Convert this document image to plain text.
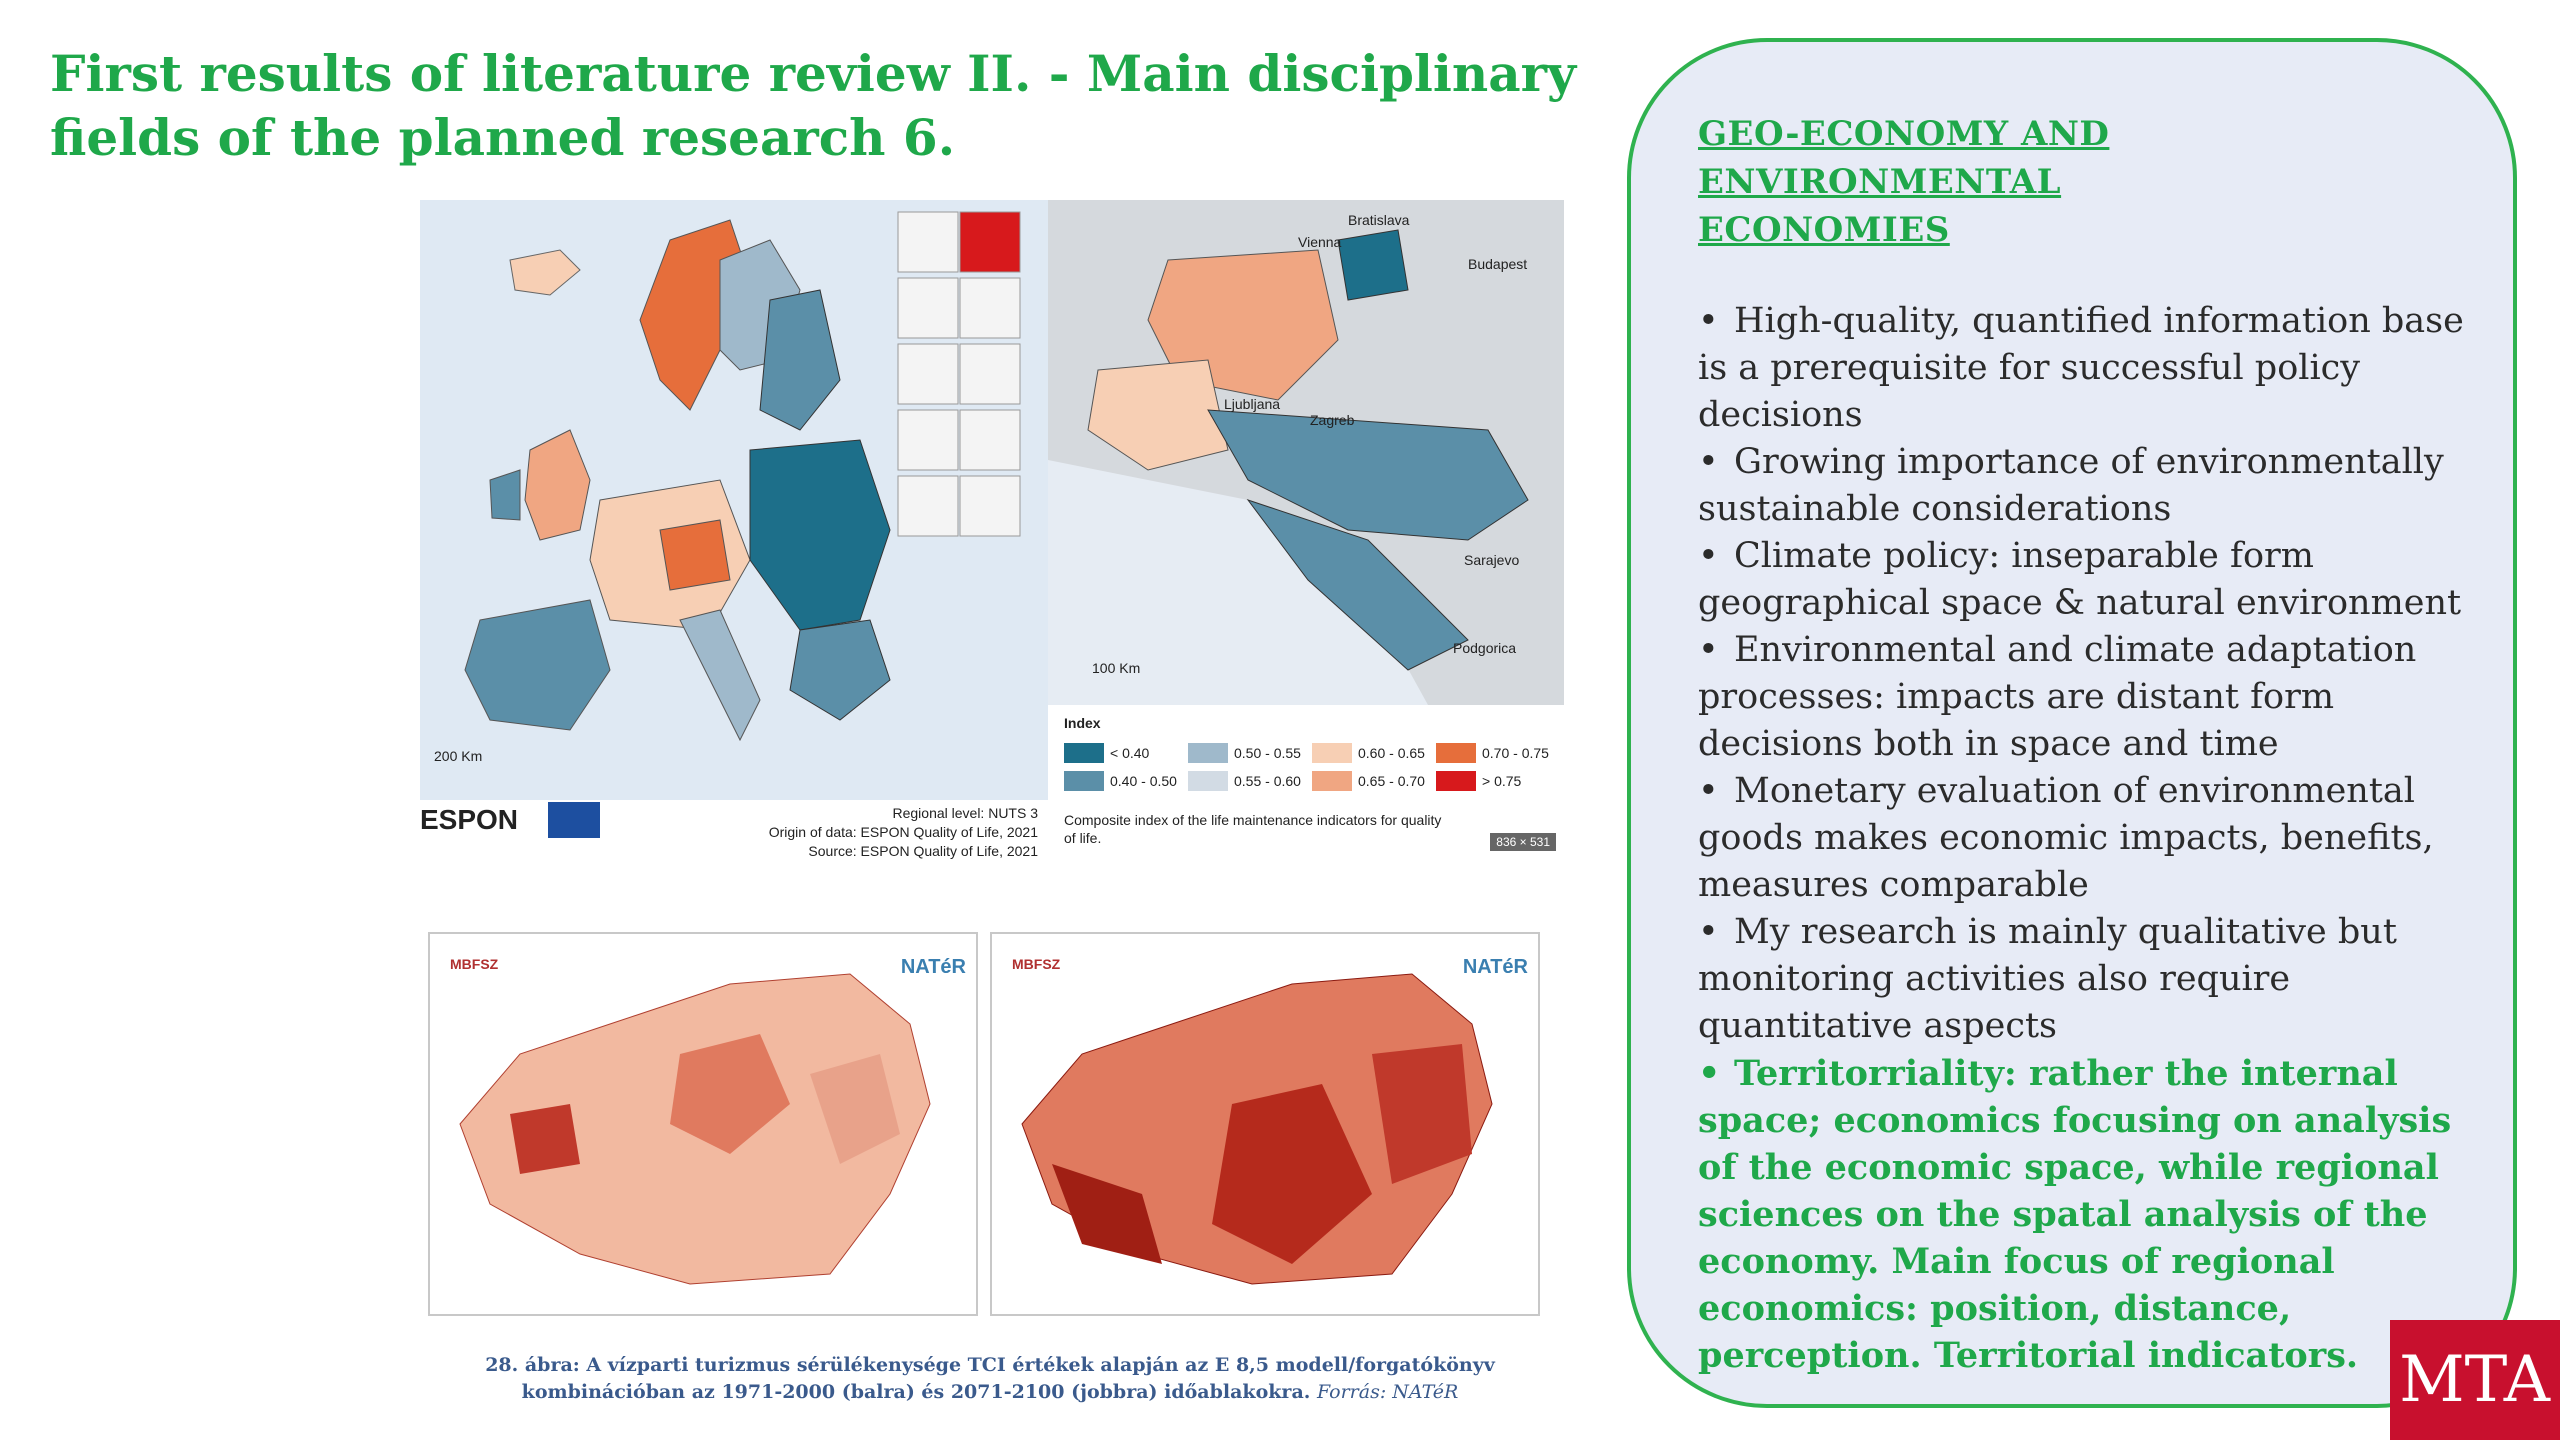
First results of literature review II. - Main disciplinary
fields of the planned research 6.
200 Km
ESPON	Regional level: NUTS 3
Origin of data: ESPON Quality of Life, 2021
Source: ESPON Quality of Life, 2021
Bratislava
Vienna
Budapest
Ljubljana
Zagreb
Sarajevo
Podgorica
100 Km
Index
< 0.40
0.40 - 0.50
0.50 - 0.55
0.55 - 0.60
0.60 - 0.65
0.65 - 0.70
0.70 - 0.75
> 0.75
Composite index of the life maintenance indicators for quality of life.	836 × 531
MBFSZ	NATéR	MBFSZ	NATéR
28. ábra: A vízparti turizmus sérülékenysége TCI értékek alapján az E 8,5 modell/forgatókönyv kombinációban az 1971-2000 (balra) és 2071-2100 (jobbra) időablakokra. Forrás: NATéR
GEO-ECONOMY AND ENVIRONMENTAL
ECONOMIES
• High-quality, quantified information base is a prerequisite for successful policy decisions
• Growing importance of environmentally sustainable considerations
• Climate policy: inseparable form geographical space & natural environment
• Environmental and climate adaptation processes: impacts are distant form decisions both in space and time
• Monetary evaluation of environmental goods makes economic impacts, benefits, measures comparable
• My research is mainly qualitative but monitoring activities also require quantitative aspects
• Territorriality: rather the internal space; economics focusing on analysis of the economic space, while regional sciences on the spatal analysis of the economy. Main focus of regional economics: position, distance, perception. Territorial indicators. MTA
